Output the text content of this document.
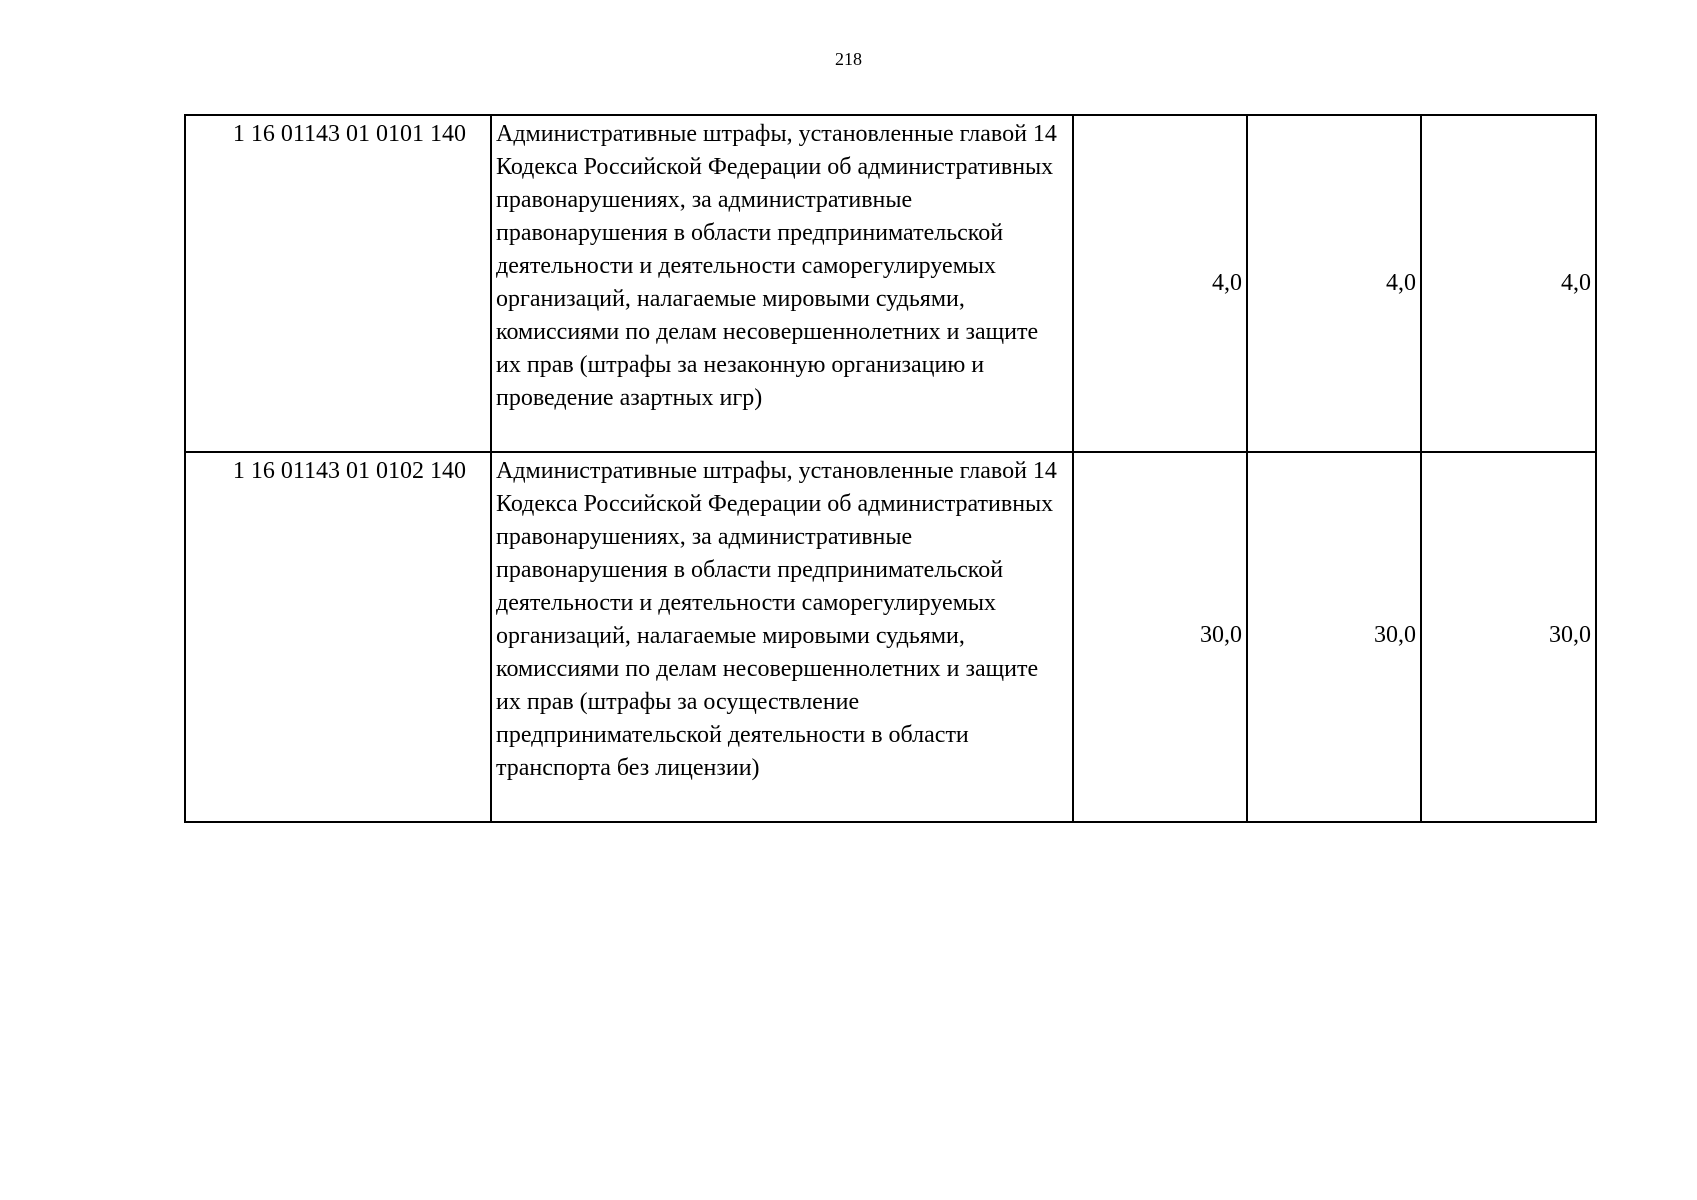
218
1 16 01143 01 0101 140	Административные штрафы, установленные главой 14 Кодекса Российской Федерации об административных правонарушениях, за административные правонарушения в области предпринимательской деятельности и деятельности саморегулируемых организаций, налагаемые мировыми судьями, комиссиями по делам несовершеннолетних и защите их прав (штрафы за незаконную организацию и проведение азартных игр)	4,0	4,0	4,0
1 16 01143 01 0102 140	Административные штрафы, установленные главой 14 Кодекса Российской Федерации об административных правонарушениях, за административные правонарушения в области предпринимательской деятельности и деятельности саморегулируемых организаций, налагаемые мировыми судьями, комиссиями по делам несовершеннолетних и защите их прав (штрафы за осуществление предпринимательской деятельности в области транспорта без лицензии)	30,0	30,0	30,0
